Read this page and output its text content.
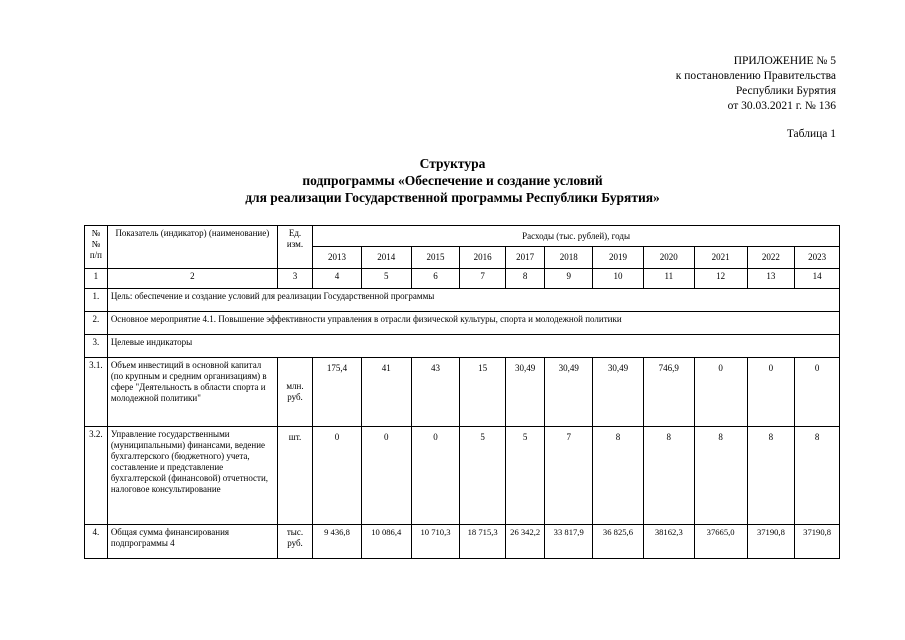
ПРИЛОЖЕНИЕ № 5
к постановлению Правительства
Республики Бурятия
от 30.03.2021 г. № 136
Таблица 1
Структура
подпрограммы «Обеспечение и создание условий
для реализации Государственной программы Республики Бурятия»
№№ п/п	Показатель (индикатор) (наименование)	Ед. изм.	Расходы (тыс. рублей), годы										
			2013	2014	2015	2016	2017	2018	2019	2020	2021	2022	2023
1	2	3	4	5	6	7	8	9	10	11	12	13	14
1.	Цель: обеспечение и создание условий для реализации Государственной программы												
2.	Основное мероприятие 4.1. Повышение эффективности управления в отрасли физической культуры, спорта и молодежной политики												
3.	Целевые индикаторы												
3.1.	Объем инвестиций в основной капитал (по крупным и средним организациям) в сфере "Деятельность в области спорта и молодежной политики"	млн. руб.	175,4	41	43	15	30,49	30,49	30,49	746,9	0	0	0
3.2.	Управление государственными (муниципальными) финансами, ведение бухгалтерского (бюджетного) учета, составление и представление бухгалтерской (финансовой) отчетности, налоговое консультирование	шт.	0	0	0	5	5	7	8	8	8	8	8
4.	Общая сумма финансирования подпрограммы 4	тыс. руб.	9 436,8	10 086,4	10 710,3	18 715,3	26 342,2	33 817,9	36 825,6	38162,3	37665,0	37190,8	37190,8
